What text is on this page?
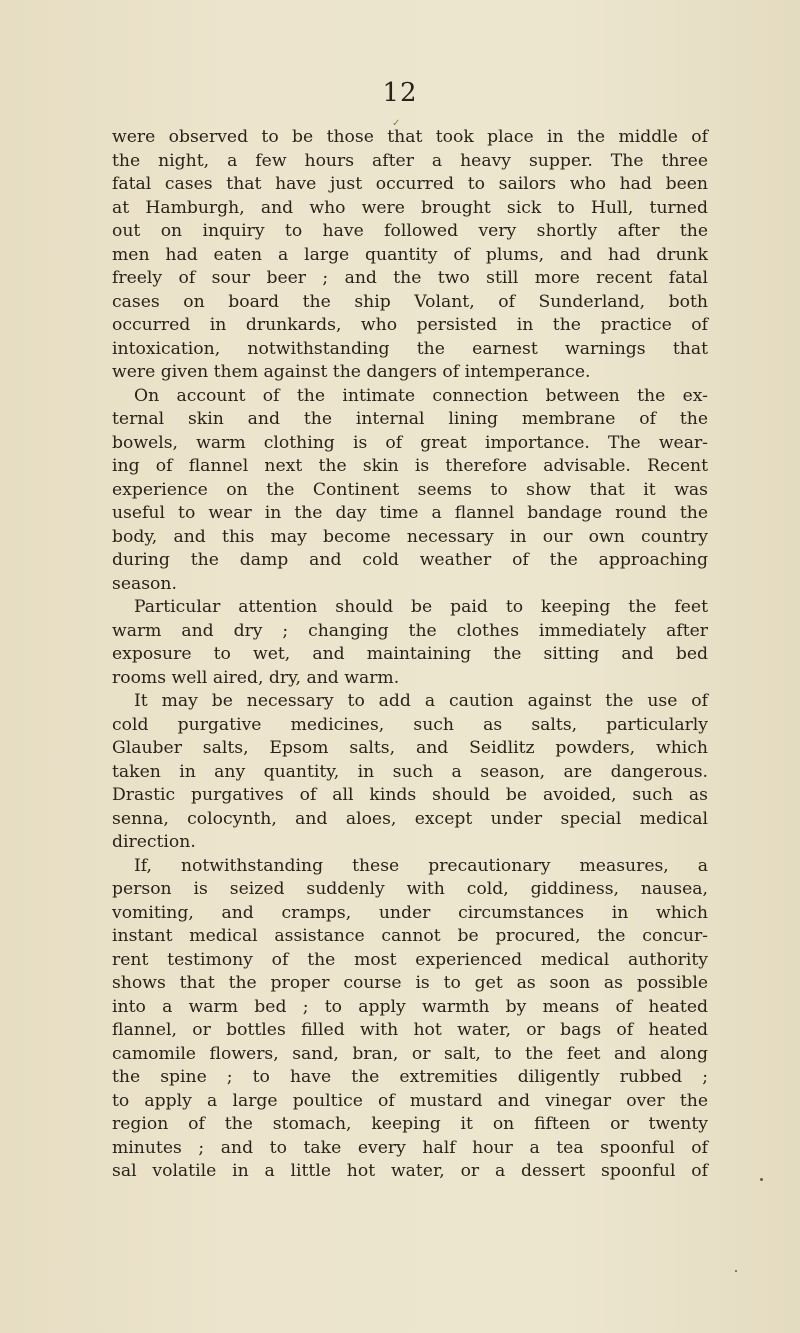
12
✓
were observed to be those that took place in the middle of
the night, a few hours after a heavy supper. The three
fatal cases that have just occurred to sailors who had been
at Hamburgh, and who were brought sick to Hull, turned
out on inquiry to have followed very shortly after the
men had eaten a large quantity of plums, and had drunk
freely of sour beer ; and the two still more recent fatal
cases on board the ship Volant, of Sunderland, both
occurred in drunkards, who persisted in the practice of
intoxication, notwithstanding the earnest warnings that
were given them against the dangers of intemperance.
On account of the intimate connection between the ex-
ternal skin and the internal lining membrane of the
bowels, warm clothing is of great importance. The wear-
ing of flannel next the skin is therefore advisable. Recent
experience on the Continent seems to show that it was
useful to wear in the day time a flannel bandage round the
body, and this may become necessary in our own country
during the damp and cold weather of the approaching
season.
Particular attention should be paid to keeping the feet
warm and dry ; changing the clothes immediately after
exposure to wet, and maintaining the sitting and bed
rooms well aired, dry, and warm.
It may be necessary to add a caution against the use of
cold purgative medicines, such as salts, particularly
Glauber salts, Epsom salts, and Seidlitz powders, which
taken in any quantity, in such a season, are dangerous.
Drastic purgatives of all kinds should be avoided, such as
senna, colocynth, and aloes, except under special medical
direction.
If, notwithstanding these precautionary measures, a
person is seized suddenly with cold, giddiness, nausea,
vomiting, and cramps, under circumstances in which
instant medical assistance cannot be procured, the concur-
rent testimony of the most experienced medical authority
shows that the proper course is to get as soon as possible
into a warm bed ; to apply warmth by means of heated
flannel, or bottles filled with hot water, or bags of heated
camomile flowers, sand, bran, or salt, to the feet and along
the spine ; to have the extremities diligently rubbed ;
to apply a large poultice of mustard and vinegar over the
region of the stomach, keeping it on fifteen or twenty
minutes ; and to take every half hour a tea spoonful of
sal volatile in a little hot water, or a dessert spoonful of
